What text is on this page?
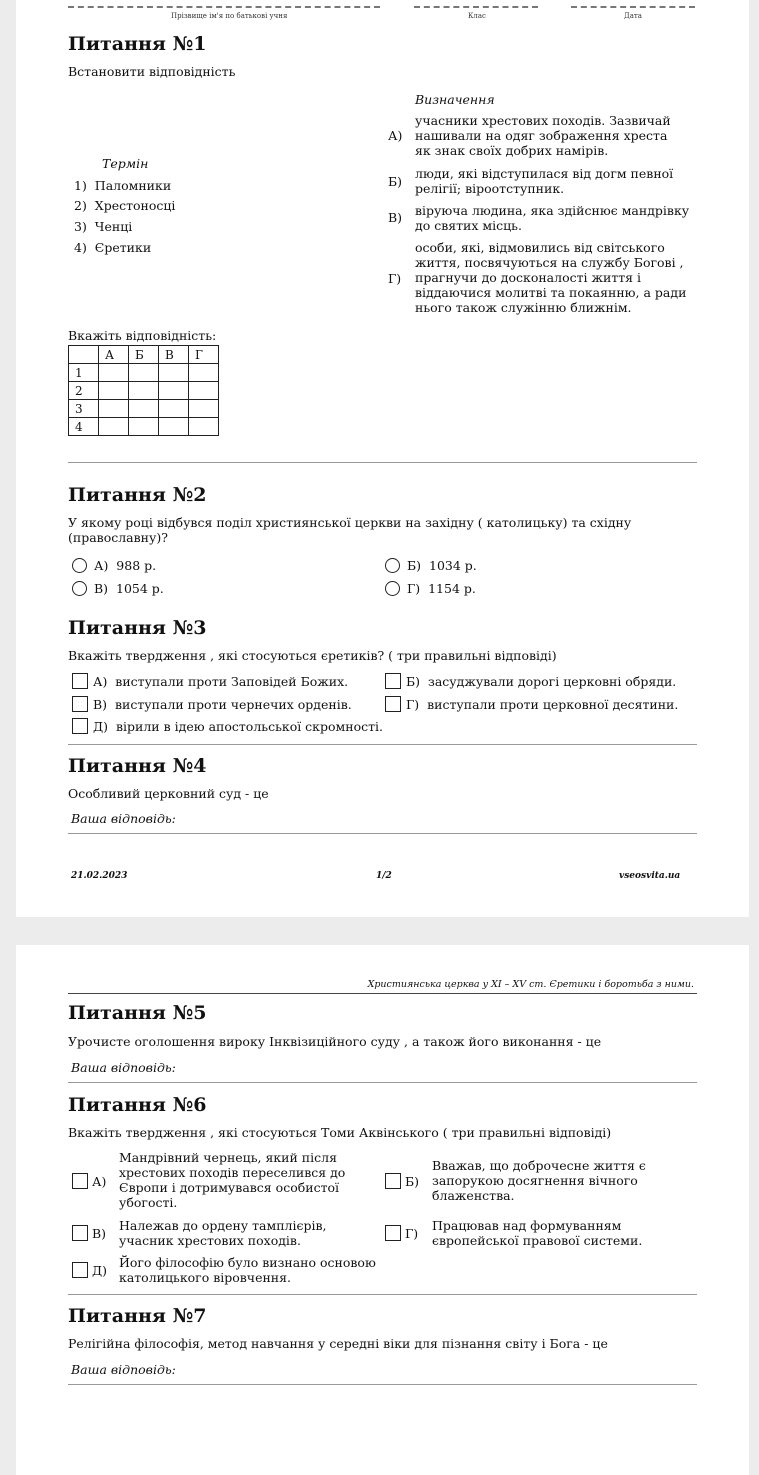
Прізвище ім'я по батькові учня	Клас	Дата
Питання №1
Встановити відповідність
Термін
Визначення
1) Паломники
2) Хрестоносці
3) Ченці
4) Єретики
А)
учасники хрестових походів. Зазвичай нашивали на одяг зображення хреста як знак своїх добрих намірів.
Б)
люди, які відступилася від догм певної релігії; віроотступник.
В) віруюча людина, яка здійснює мандрівку до святих місць.
Г)
особи, які, відмовились від світського життя, посвячуються на службу Богові , прагнучи до досконалості життя і віддаючися молитві та покаянню, а ради нього також служінню ближнім.
Вкажіть відповідність:
	А	Б	В	Г
1				
2				
3				
4				
Питання №2
У якому році відбувся поділ християнської церкви на західну ( католицьку) та східну (православну)?
А) 988 р.	Б) 1034 р.
В) 1054 р.	Г) 1154 р.
Питання №3
Вкажіть твердження , які стосуються єретиків? ( три правильні відповіді)
А) виступали проти Заповідей Божих.	Б) засуджували дорогі церковні обряди.
В) виступали проти чернечих орденів.	Г) виступали проти церковної десятини.
Д) вірили в ідею апостольської скромності.
Питання №4
Особливий церковний суд - це
Ваша відповідь:
21.02.2023	1/2	vseosvita.ua
Християнська церква у XI – XV ст. Єретики і боротьба з ними.
Питання №5
Урочисте оголошення вироку Інквізиційного суду , а також його виконання - це
Ваша відповідь:
Питання №6
Вкажіть твердження , які стосуються Томи Аквінського ( три правильні відповіді)
А)
Мандрівний чернець, який після хрестових походів переселився до Європи і дотримувався особистої убогості.
Б)
Вважав, що доброчесне життя є запорукою досягнення вічного блаженства.
В)
Належав до ордену тамплієрів, учасник хрестових походів.	Г)
Працював над формуванням європейської правової системи.
Д)
Його філософію було визнано основою католицького віровчення.
Питання №7
Релігійна філософія, метод навчання у середні віки для пізнання світу і Бога - це
Ваша відповідь:
